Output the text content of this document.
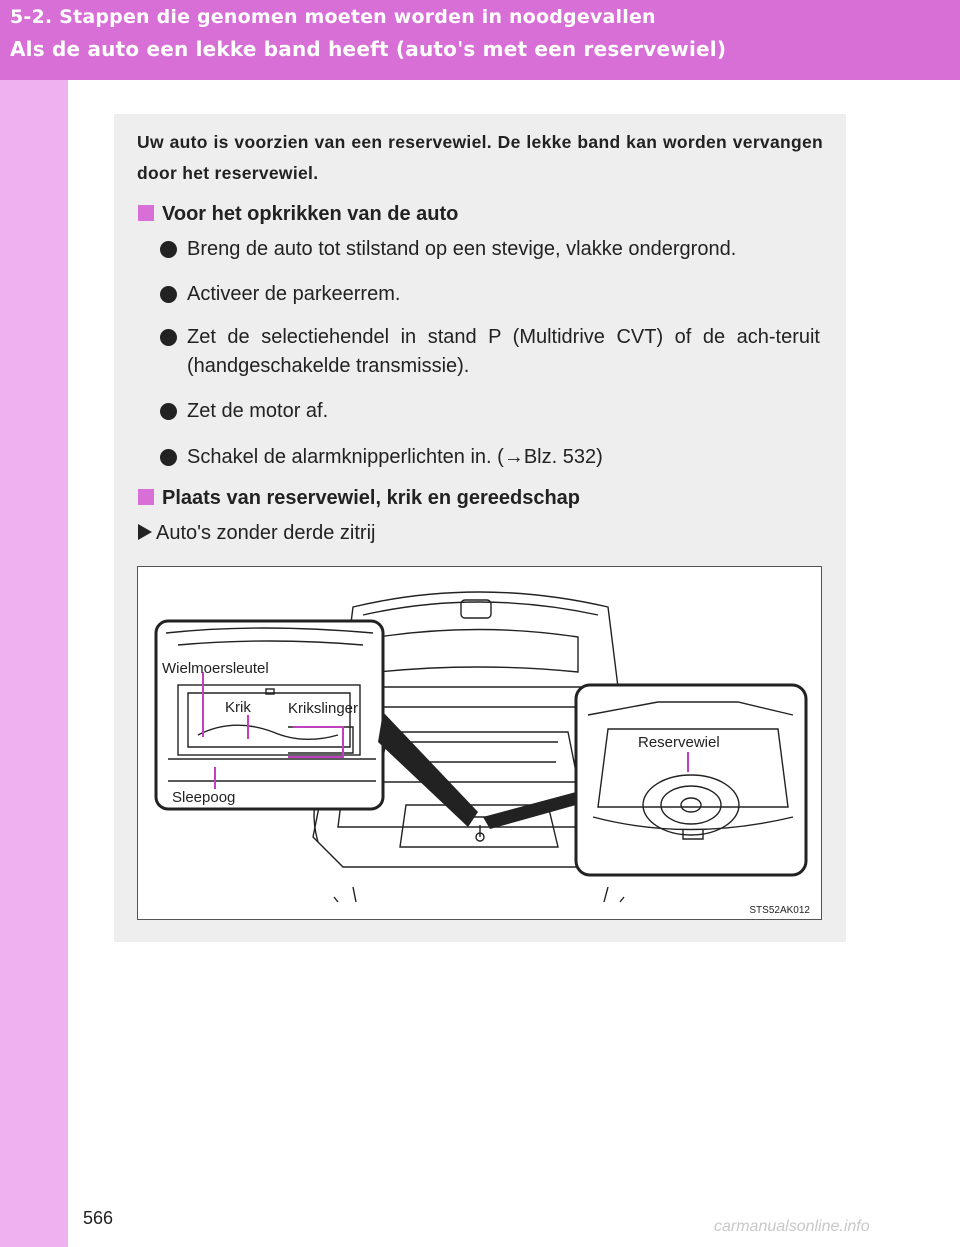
5-2. Stappen die genomen moeten worden in noodgevallen
Als de auto een lekke band heeft (auto's met een reservewiel)
Uw auto is voorzien van een reservewiel. De lekke band kan worden vervangen door het reservewiel.
Voor het opkrikken van de auto
Breng de auto tot stilstand op een stevige, vlakke ondergrond.
Activeer de parkeerrem.
Zet de selectiehendel in stand P (Multidrive CVT) of de ach-teruit (handgeschakelde transmissie).
Zet de motor af.
Schakel de alarmknipperlichten in. (→Blz. 532)
Plaats van reservewiel, krik en gereedschap
Auto's zonder derde zitrij
Wielmoersleutel
Krik Krikslinger
Sleepoog
Reservewiel
STS52AK012
566	carmanualsonline.info
